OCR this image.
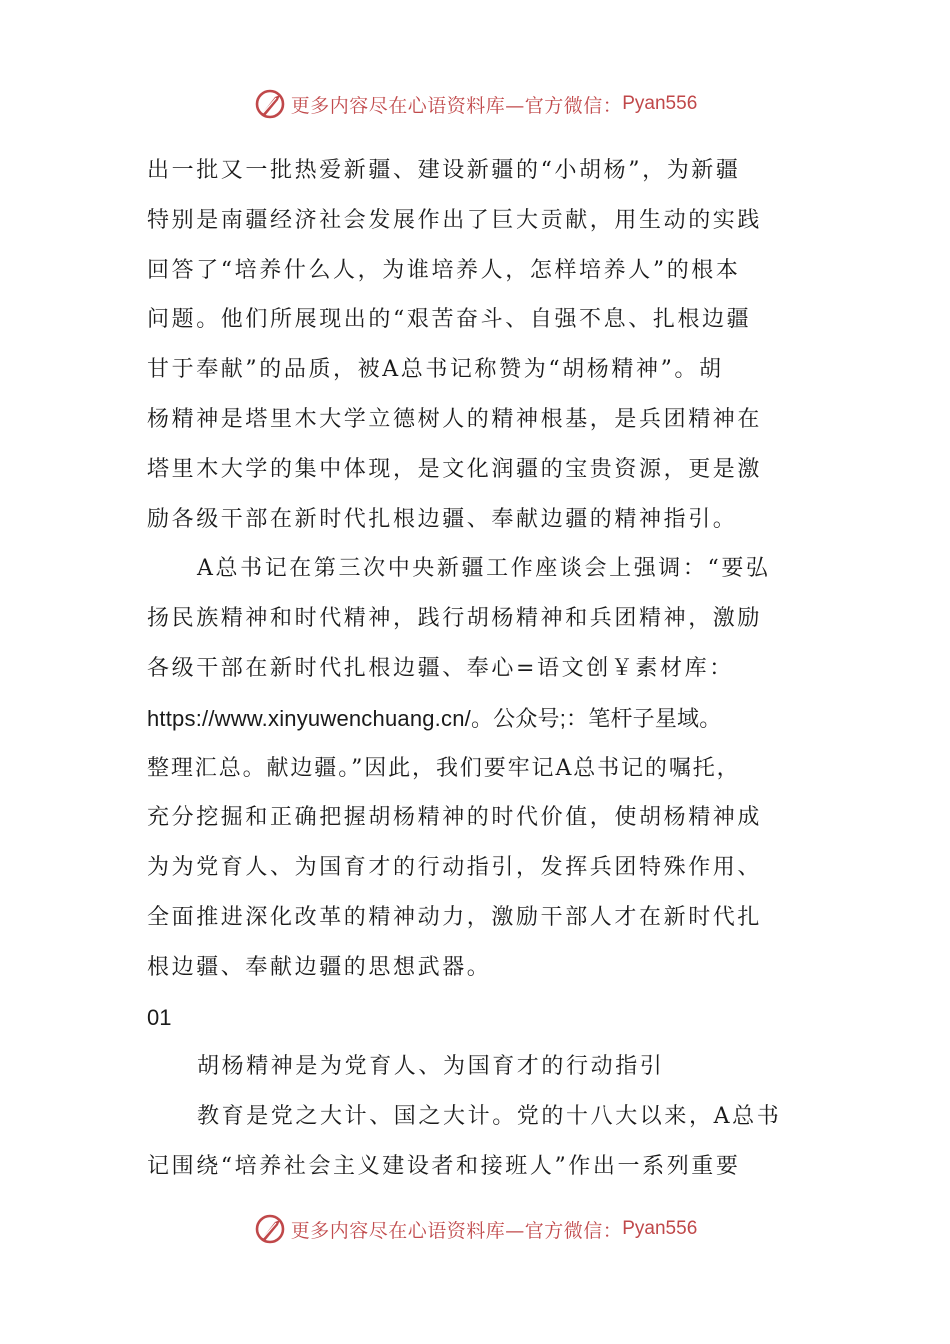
更多内容尽在心语资料库—官方微信： Pyan556
出一批又一批热爱新疆、建设新疆的“小胡杨”，为新疆
特别是南疆经济社会发展作出了巨大贡献，用生动的实践
回答了“培养什么人，为谁培养人，怎样培养人”的根本
问题。他们所展现出的“艰苦奋斗、自强不息、扎根边疆
甘于奉献”的品质，被A总书记称赞为“胡杨精神”。胡
杨精神是塔里木大学立德树人的精神根基，是兵团精神在
塔里木大学的集中体现，是文化润疆的宝贵资源，更是激
励各级干部在新时代扎根边疆、奉献边疆的精神指引。
A总书记在第三次中央新疆工作座谈会上强调：“要弘
扬民族精神和时代精神，践行胡杨精神和兵团精神，激励
各级干部在新时代扎根边疆、奉心=语文创￥素材库：
https://www.xinyuwenchuang.cn/。公众号;：笔杆子星域。
整理汇总。献边疆。”因此，我们要牢记A总书记的嘱托，
充分挖掘和正确把握胡杨精神的时代价值，使胡杨精神成
为为党育人、为国育才的行动指引，发挥兵团特殊作用、
全面推进深化改革的精神动力，激励干部人才在新时代扎
根边疆、奉献边疆的思想武器。
01
胡杨精神是为党育人、为国育才的行动指引
教育是党之大计、国之大计。党的十八大以来，A总书
记围绕“培养社会主义建设者和接班人”作出一系列重要
更多内容尽在心语资料库—官方微信： Pyan556
